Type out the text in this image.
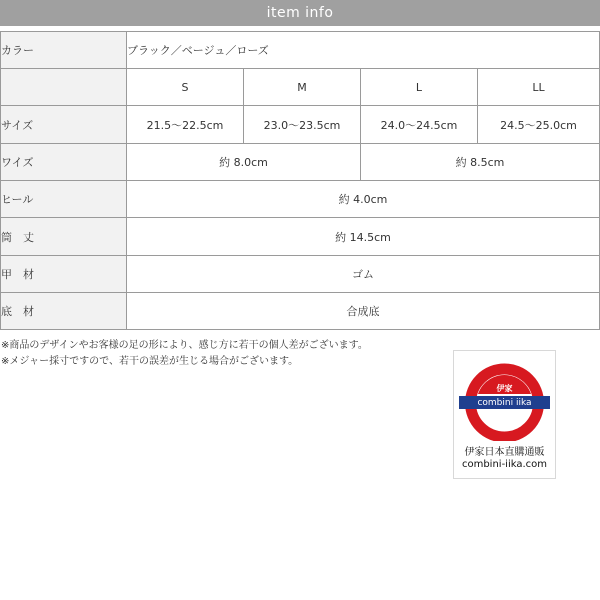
item info
カラー	ブラック／ベージュ／ローズ			
	S	M	L	LL
サイズ	21.5～22.5cm	23.0～23.5cm	24.0～24.5cm	24.5～25.0cm
ワイズ	約 8.0cm		約 8.5cm	
ヒール	約 4.0cm			
筒　丈	約 14.5cm			
甲　材	ゴム			
底　材	合成底			
※商品のデザインやお客様の足の形により、感じ方に若干の個人差がございます。
※メジャー採寸ですので、若干の誤差が生じる場合がございます。
伊家
combini iika
伊家日本直購通販
combini-iika.com
